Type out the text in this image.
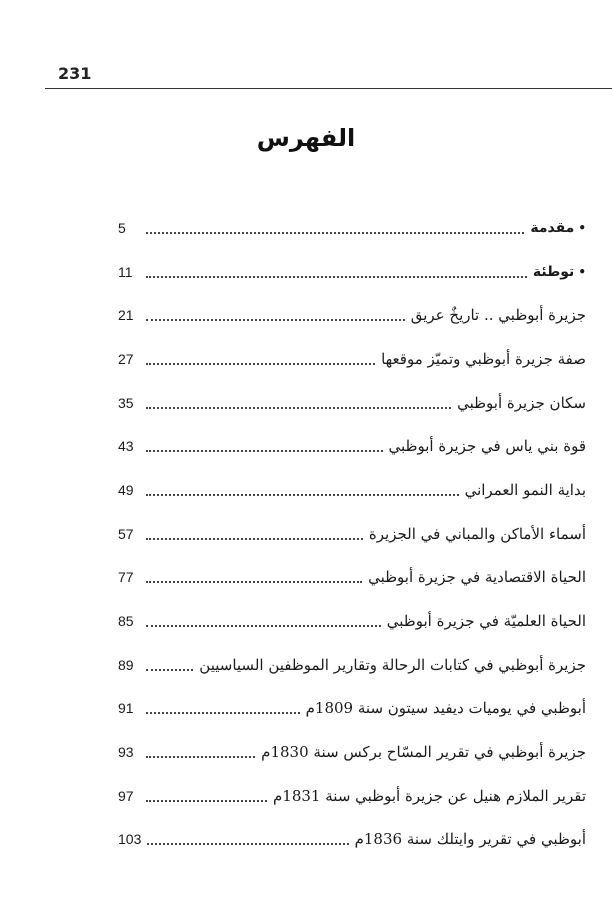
231
الفهرس
•مقدمة
5
•توطئة
11
جزيرة أبوظبي .. تاريخٌ عريق
21
صفة جزيرة أبوظبي وتميّز موقعها
27
سكان جزيرة أبوظبي
35
قوة بني ياس في جزيرة أبوظبي
43
بداية النمو العمراني
49
أسماء الأماكن والمباني في الجزيرة
57
الحياة الاقتصادية في جزيرة أبوظبي
77
الحياة العلميّة في جزيرة أبوظبي
85
جزيرة أبوظبي في كتابات الرحالة وتقارير الموظفين السياسيين
89
أبوظبي في يوميات ديفيد سيتون سنة 1809م
91
جزيرة أبوظبي في تقرير المسّاح بركس سنة 1830م
93
تقرير الملازم هنيل عن جزيرة أبوظبي سنة 1831م
97
أبوظبي في تقرير وايتلك سنة 1836م
103
